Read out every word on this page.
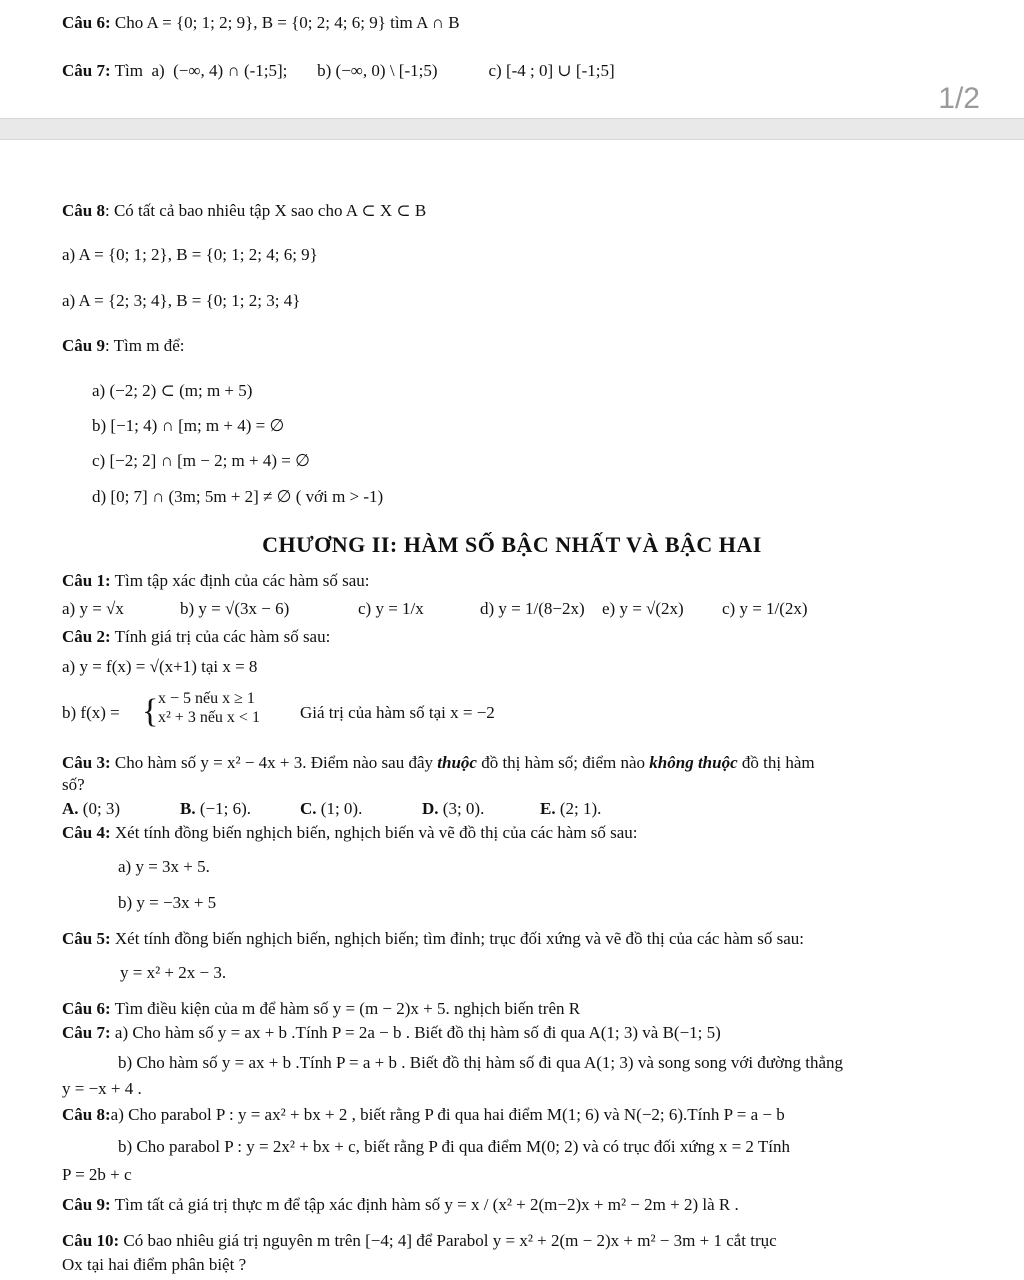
Câu 6: Cho A = {0; 1; 2; 9}, B = {0; 2; 4; 6; 9} tìm A ∩ B
Câu 7: Tìm  a)  (−∞, 4) ∩ (-1;5];       b) (−∞, 0) \ [-1;5)            c) [-4 ; 0] ∪ [-1;5]
1/2
Câu 8: Có tất cả bao nhiêu tập X sao cho A ⊂ X ⊂ B
a) A = {0; 1; 2}, B = {0; 1; 2; 4; 6; 9}
a) A = {2; 3; 4}, B = {0; 1; 2; 3; 4}
Câu 9: Tìm m để:
a) (−2; 2) ⊂ (m; m + 5)
b) [−1; 4) ∩ [m; m + 4) = ∅
c) [−2; 2] ∩ [m − 2; m + 4) = ∅
d) [0; 7] ∩ (3m; 5m + 2] ≠ ∅ ( với m > -1)
CHƯƠNG II: HÀM SỐ BẬC NHẤT VÀ BẬC HAI
Câu 1: Tìm tập xác định của các hàm số sau:
a) y = √x	b) y = √(3x − 6)	c) y = 1/x	d) y = 1/(8−2x) e) y = √(2x) c) y = 1/(2x)
Câu 2: Tính giá trị của các hàm số sau:
a) y = f(x) = √(x+1) tại x = 8
b) f(x) = { x − 5 nếu x ≥ 1
x² + 3 nếu x < 1 Giá trị của hàm số tại x = −2
Câu 3: Cho hàm số y = x² − 4x + 3. Điểm nào sau đây thuộc đồ thị hàm số; điểm nào không thuộc đồ thị hàm
số?
A. (0; 3)	B. (−1; 6).	C. (1; 0).	D. (3; 0).	E. (2; 1).
Câu 4: Xét tính đồng biến nghịch biến, nghịch biến và vẽ đồ thị của các hàm số sau:
a) y = 3x + 5.
b) y = −3x + 5
Câu 5: Xét tính đồng biến nghịch biến, nghịch biến; tìm đỉnh; trục đối xứng và vẽ đồ thị của các hàm số sau:
y = x² + 2x − 3.
Câu 6: Tìm điều kiện của m để hàm số y = (m − 2)x + 5. nghịch biến trên R
Câu 7: a) Cho hàm số y = ax + b .Tính P = 2a − b . Biết đồ thị hàm số đi qua A(1; 3) và B(−1; 5)
b) Cho hàm số y = ax + b .Tính P = a + b . Biết đồ thị hàm số đi qua A(1; 3) và song song với đường thẳng
y = −x + 4 .
Câu 8:a) Cho parabol P : y = ax² + bx + 2 , biết rằng P đi qua hai điểm M(1; 6) và N(−2; 6).Tính P = a − b
b) Cho parabol P : y = 2x² + bx + c, biết rằng P đi qua điểm M(0; 2) và có trục đối xứng x = 2 Tính
P = 2b + c
Câu 9: Tìm tất cả giá trị thực m để tập xác định hàm số y = x / (x² + 2(m−2)x + m² − 2m + 2) là R .
Câu 10: Có bao nhiêu giá trị nguyên m trên [−4; 4] để Parabol y = x² + 2(m − 2)x + m² − 3m + 1 cắt trục
Ox tại hai điểm phân biệt ?
